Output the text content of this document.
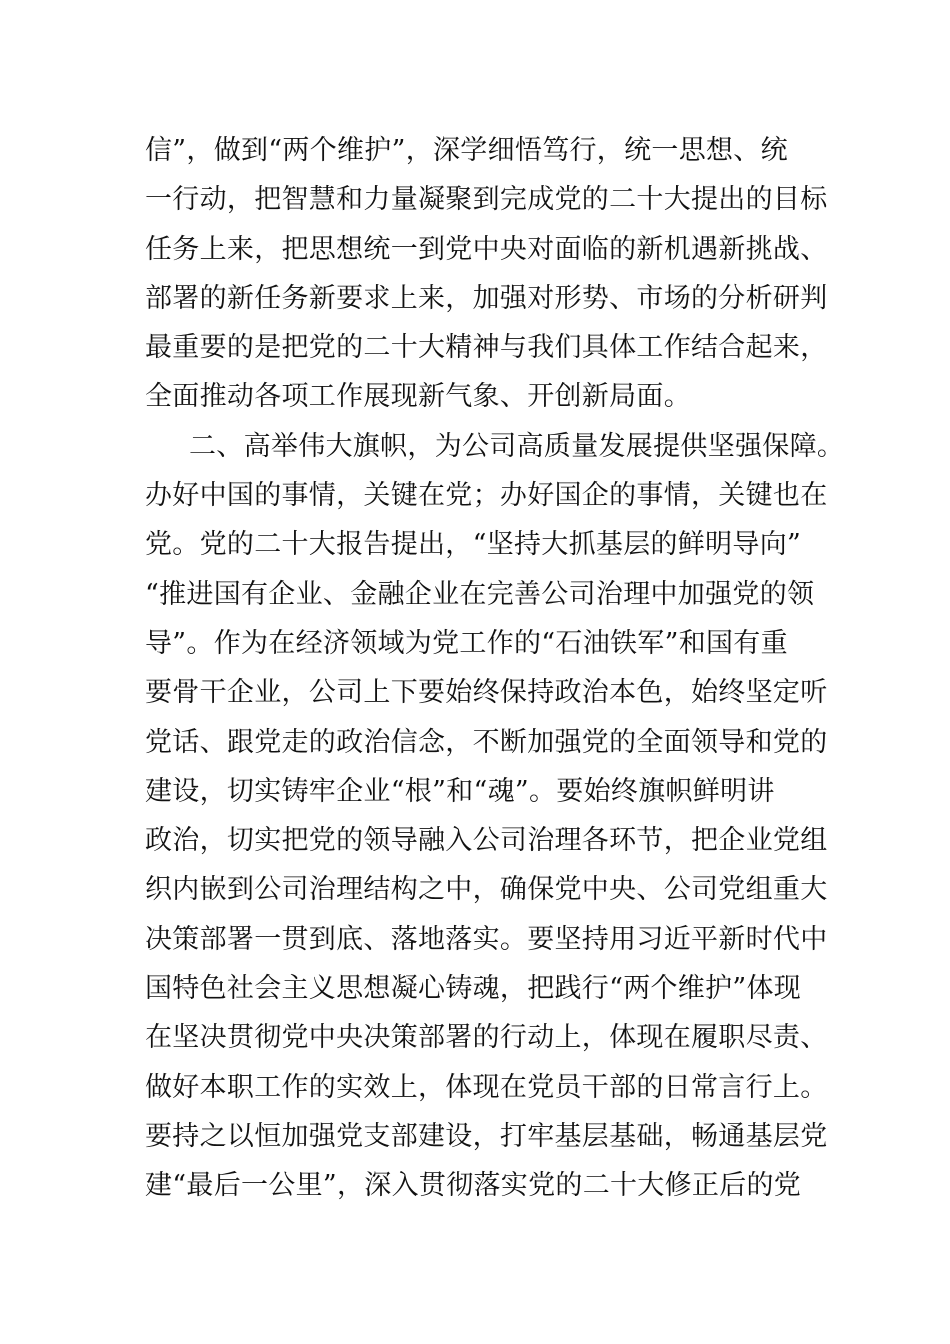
信”，做到“两个维护”，深学细悟笃行，统一思想、统
一行动，把智慧和力量凝聚到完成党的二十大提出的目标
任务上来，把思想统一到党中央对面临的新机遇新挑战、
部署的新任务新要求上来，加强对形势、市场的分析研判
最重要的是把党的二十大精神与我们具体工作结合起来，
全面推动各项工作展现新气象、开创新局面。
二、高举伟大旗帜，为公司高质量发展提供坚强保障。
办好中国的事情，关键在党；办好国企的事情，关键也在
党。党的二十大报告提出，“坚持大抓基层的鲜明导向”
“推进国有企业、金融企业在完善公司治理中加强党的领
导”。作为在经济领域为党工作的“石油铁军”和国有重
要骨干企业，公司上下要始终保持政治本色，始终坚定听
党话、跟党走的政治信念，不断加强党的全面领导和党的
建设，切实铸牢企业“根”和“魂”。要始终旗帜鲜明讲
政治，切实把党的领导融入公司治理各环节，把企业党组
织内嵌到公司治理结构之中，确保党中央、公司党组重大
决策部署一贯到底、落地落实。要坚持用习近平新时代中
国特色社会主义思想凝心铸魂，把践行“两个维护”体现
在坚决贯彻党中央决策部署的行动上，体现在履职尽责、
做好本职工作的实效上，体现在党员干部的日常言行上。
要持之以恒加强党支部建设，打牢基层基础，畅通基层党
建“最后一公里”，深入贯彻落实党的二十大修正后的党
